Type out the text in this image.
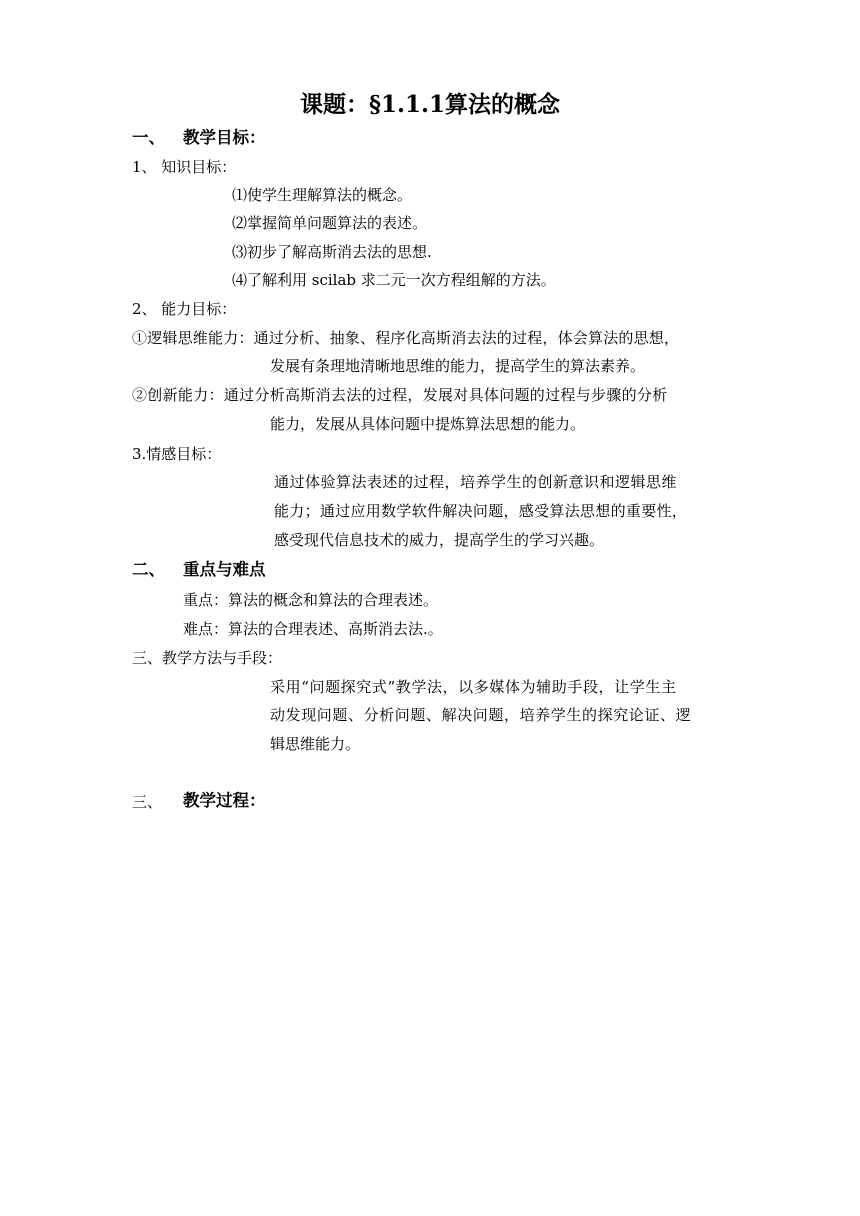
课题：§1.1.1算法的概念
一、 教学目标：
1、 知识目标：
⑴使学生理解算法的概念。
⑵掌握简单问题算法的表述。
⑶初步了解高斯消去法的思想.
⑷了解利用 scilab 求二元一次方程组解的方法。
2、 能力目标：
①逻辑思维能力：通过分析、抽象、程序化高斯消去法的过程，体会算法的思想，
发展有条理地清晰地思维的能力，提高学生的算法素养。
②创新能力：通过分析高斯消去法的过程，发展对具体问题的过程与步骤的分析
能力，发展从具体问题中提炼算法思想的能力。
3.情感目标：
通过体验算法表述的过程，培养学生的创新意识和逻辑思维
能力；通过应用数学软件解决问题，感受算法思想的重要性，
感受现代信息技术的威力，提高学生的学习兴趣。
二、 重点与难点
重点：算法的概念和算法的合理表述。
难点：算法的合理表述、高斯消去法.。
三、教学方法与手段：
采用“问题探究式”教学法，以多媒体为辅助手段，让学生主
动发现问题、分析问题、解决问题，培养学生的探究论证、逻
辑思维能力。
三、 教学过程：
